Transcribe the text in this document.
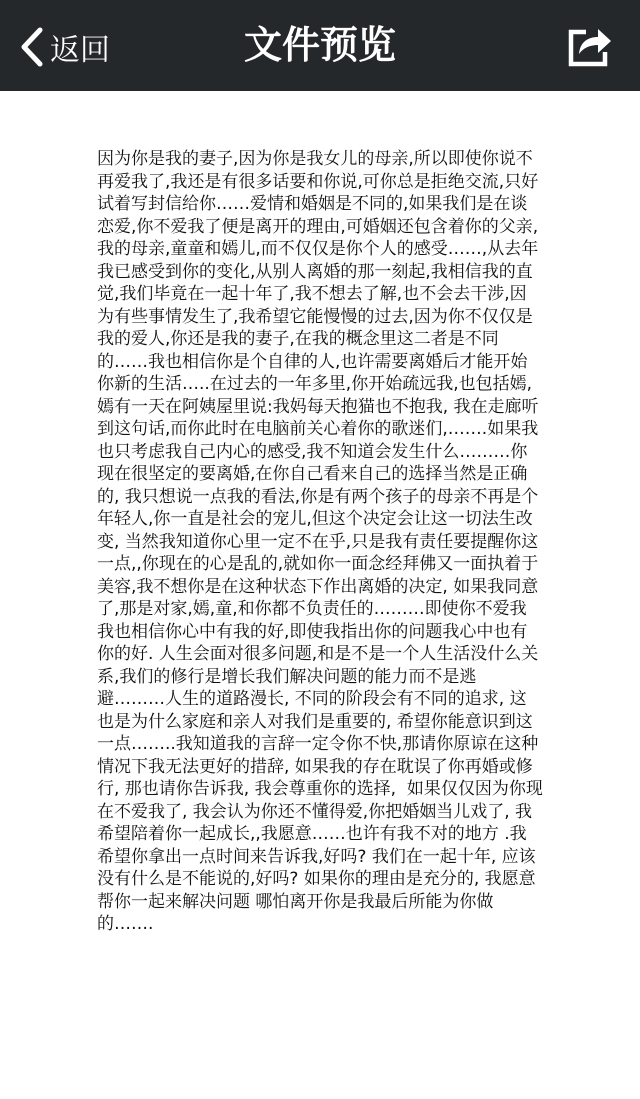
返回	文件预览
因为你是我的妻子,因为你是我女儿的母亲,所以即使你说不再爱我了,我还是有很多话要和你说,可你总是拒绝交流,只好试着写封信给你……爱情和婚姻是不同的,如果我们是在谈恋爱,你不爱我了便是离开的理由,可婚姻还包含着你的父亲,我的母亲,童童和嫣儿,而不仅仅是你个人的感受……,从去年我已感受到你的变化,从别人离婚的那一刻起,我相信我的直觉,我们毕竟在一起十年了,我不想去了解,也不会去干涉,因为有些事情发生了,我希望它能慢慢的过去,因为你不仅仅是我的爱人,你还是我的妻子,在我的概念里这二者是不同的……我也相信你是个自律的人,也许需要离婚后才能开始你新的生活…..在过去的一年多里,你开始疏远我,也包括嫣,嫣有一天在阿姨屋里说:我妈每天抱猫也不抱我, 我在走廊听到这句话,而你此时在电脑前关心着你的歌迷们,…….如果我也只考虑我自己内心的感受,我不知道会发生什么………你现在很坚定的要离婚,在你自己看来自己的选择当然是正确的, 我只想说一点我的看法,你是有两个孩子的母亲不再是个年轻人,你一直是社会的宠儿,但这个决定会让这一切法生改变, 当然我知道你心里一定不在乎,只是我有责任要提醒你这一点,,你现在的心是乱的,就如你一面念经拜佛又一面执着于美容,我不想你是在这种状态下作出离婚的决定, 如果我同意了,那是对家,嫣,童,和你都不负责任的………即使你不爱我我也相信你心中有我的好,即使我指出你的问题我心中也有你的好. 人生会面对很多问题,和是不是一个人生活没什么关系,我们的修行是增长我们解决问题的能力而不是逃避………人生的道路漫长, 不同的阶段会有不同的追求, 这也是为什么家庭和亲人对我们是重要的, 希望你能意识到这一点……..我知道我的言辞一定令你不快,那请你原谅在这种情况下我无法更好的措辞, 如果我的存在耽误了你再婚或修行, 那也请你告诉我, 我会尊重你的选择,  如果仅仅因为你现在不爱我了, 我会认为你还不懂得爱,你把婚姻当儿戏了, 我希望陪着你一起成长,,我愿意……也许有我不对的地方 .我希望你拿出一点时间来告诉我,好吗? 我们在一起十年, 应该没有什么是不能说的,好吗? 如果你的理由是充分的, 我愿意帮你一起来解决问题 哪怕离开你是我最后所能为你做的…….
